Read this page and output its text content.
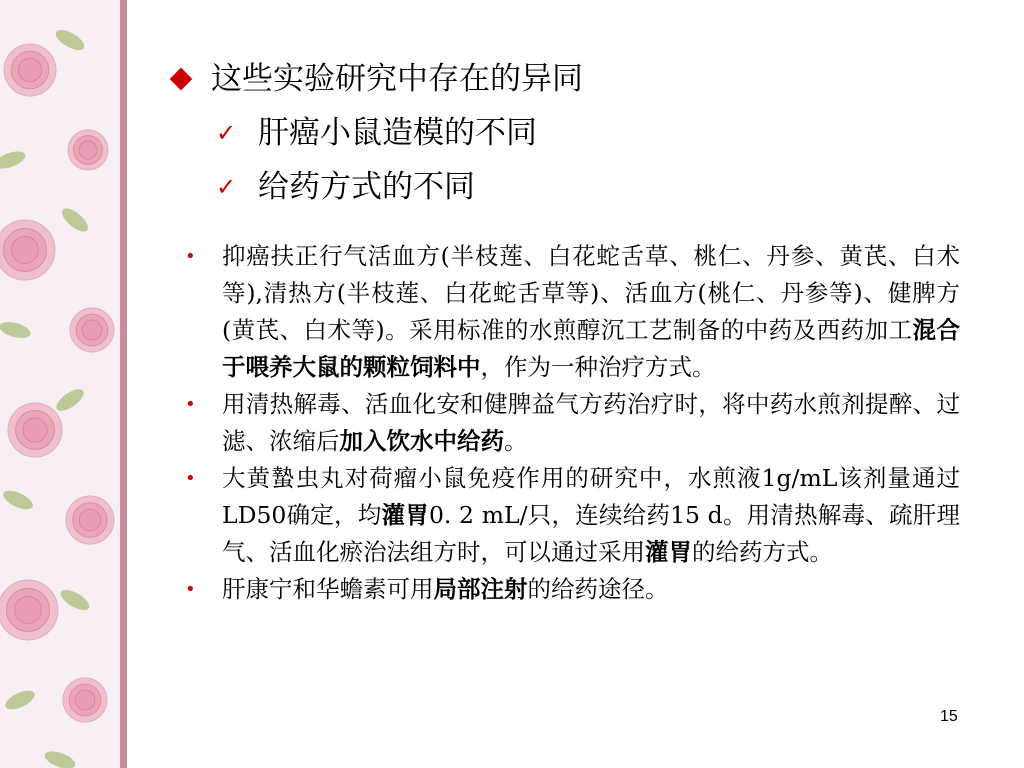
这些实验研究中存在的异同
✓ 肝癌小鼠造模的不同
✓ 给药方式的不同
• 抑癌扶正行气活血方(半枝莲、白花蛇舌草、桃仁、丹参、黄芪、白术等),清热方(半枝莲、白花蛇舌草等)、活血方(桃仁、丹参等)、健脾方(黄芪、白术等)。采用标准的水煎醇沉工艺制备的中药及西药加工混合于喂养大鼠的颗粒饲料中，作为一种治疗方式。
• 用清热解毒、活血化安和健脾益气方药治疗时，将中药水煎剂提醉、过滤、浓缩后加入饮水中给药。
• 大黄蟄虫丸对荷瘤小鼠免疫作用的研究中，水煎液1g/mL该剂量通过LD50确定，均灌胃0. 2 mL/只，连续给药15 d。用清热解毒、疏肝理气、活血化瘀治法组方时，可以通过采用灌胃的给药方式。
• 肝康宁和华蟾素可用局部注射的给药途径。
15
